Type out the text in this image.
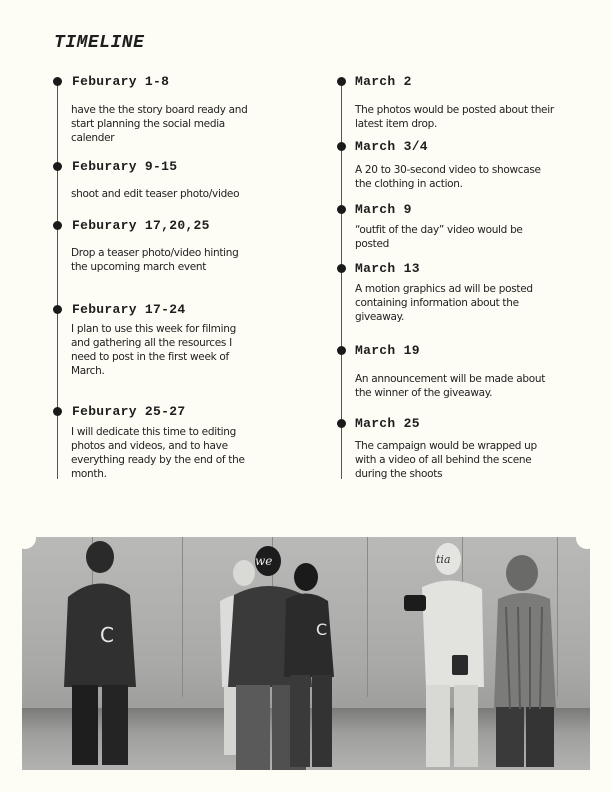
TIMELINE
Feburary 1-8
have the the story board ready and start planning the social media calender
Feburary 9-15
shoot and edit teaser photo/video
Feburary 17,20,25
Drop a teaser photo/video hinting the upcoming march event
Feburary 17-24
I plan to use this week for filming and gathering all the resources I need to post in the first week of March.
Feburary 25-27
I will dedicate this time to editing photos and videos, and to have everything ready by the end of the month.
March 2
The photos would be posted about their latest item drop.
March 3/4
A 20 to 30-second video to showcase the clothing in action.
March 9
“outfit of the day” video would be posted
March 13
A motion graphics ad will be posted containing information about the giveaway.
March 19
An announcement will be made about the winner of the giveaway.
March 25
The campaign would be wrapped up with a video of all behind the scene during the shoots
C
we
C
tia
